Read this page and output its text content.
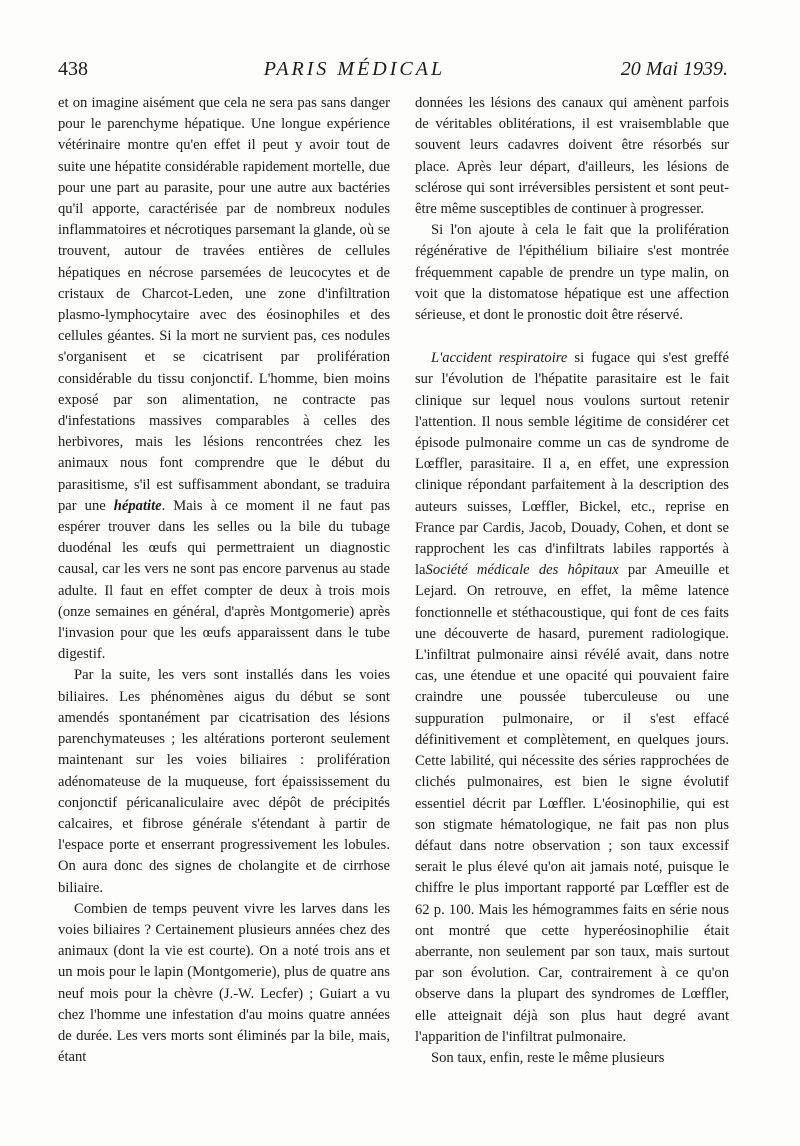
438	PARIS MÉDICAL	20 Mai 1939.

et on imagine aisément que cela ne sera pas sans danger pour le parenchyme hépatique. Une longue expérience vétérinaire montre qu'en effet il peut y avoir tout de suite une hépatite considérable rapidement mortelle, due pour une part au parasite, pour une autre aux bactéries qu'il apporte, caractérisée par de nombreux nodules inflammatoires et nécrotiques parsemant la glande, où se trouvent, autour de travées entières de cellules hépatiques en nécrose parsemées de leucocytes et de cristaux de Charcot-Leden, une zone d'infiltration plasmo-lymphocytaire avec des éosinophiles et des cellules géantes. Si la mort ne survient pas, ces nodules s'organisent et se cicatrisent par prolifération considérable du tissu conjonctif. L'homme, bien moins exposé par son alimentation, ne contracte pas d'infestations massives comparables à celles des herbivores, mais les lésions rencontrées chez les animaux nous font comprendre que le début du parasitisme, s'il est suffisamment abondant, se traduira par une hépatite. Mais à ce moment il ne faut pas espérer trouver dans les selles ou la bile du tubage duodénal les œufs qui permettraient un diagnostic causal, car les vers ne sont pas encore parvenus au stade adulte. Il faut en effet compter de deux à trois mois (onze semaines en général, d'après Montgomerie) après l'invasion pour que les œufs apparaissent dans le tube digestif.

Par la suite, les vers sont installés dans les voies biliaires. Les phénomènes aigus du début se sont amendés spontanément par cicatrisation des lésions parenchymateuses ; les altérations porteront seulement maintenant sur les voies biliaires : prolifération adénomateuse de la muqueuse, fort épaississement du conjonctif péricanaliculaire avec dépôt de précipités calcaires, et fibrose générale s'étendant à partir de l'espace porte et enserrant progressivement les lobules. On aura donc des signes de cholangite et de cirrhose biliaire.

Combien de temps peuvent vivre les larves dans les voies biliaires ? Certainement plusieurs années chez des animaux (dont la vie est courte). On a noté trois ans et un mois pour le lapin (Montgomerie), plus de quatre ans neuf mois pour la chèvre (J.-W. Lecfer) ; Guiart a vu chez l'homme une infestation d'au moins quatre années de durée. Les vers morts sont éliminés par la bile, mais, étant

données les lésions des canaux qui amènent parfois de véritables oblitérations, il est vraisemblable que souvent leurs cadavres doivent être résorbés sur place. Après leur départ, d'ailleurs, les lésions de sclérose qui sont irréversibles persistent et sont peut-être même susceptibles de continuer à progresser.

Si l'on ajoute à cela le fait que la prolifération régénérative de l'épithélium biliaire s'est montrée fréquemment capable de prendre un type malin, on voit que la distomatose hépatique est une affection sérieuse, et dont le pronostic doit être réservé.

L'accident respiratoire si fugace qui s'est greffé sur l'évolution de l'hépatite parasitaire est le fait clinique sur lequel nous voulons surtout retenir l'attention. Il nous semble légitime de considérer cet épisode pulmonaire comme un cas de syndrome de Lœffler, parasitaire. Il a, en effet, une expression clinique répondant parfaitement à la description des auteurs suisses, Lœffler, Bickel, etc., reprise en France par Cardis, Jacob, Douady, Cohen, et dont se rapprochent les cas d'infiltrats labiles rapportés à laSociété médicale des hôpitaux par Ameuille et Lejard. On retrouve, en effet, la même latence fonctionnelle et stéthacoustique, qui font de ces faits une découverte de hasard, purement radiologique. L'infiltrat pulmonaire ainsi révélé avait, dans notre cas, une étendue et une opacité qui pouvaient faire craindre une poussée tuberculeuse ou une suppuration pulmonaire, or il s'est effacé définitivement et complètement, en quelques jours. Cette labilité, qui nécessite des séries rapprochées de clichés pulmonaires, est bien le signe évolutif essentiel décrit par Lœffler. L'éosinophilie, qui est son stigmate hématologique, ne fait pas non plus défaut dans notre observation ; son taux excessif serait le plus élevé qu'on ait jamais noté, puisque le chiffre le plus important rapporté par Lœffler est de 62 p. 100. Mais les hémogrammes faits en série nous ont montré que cette hyperéosinophilie était aberrante, non seulement par son taux, mais surtout par son évolution. Car, contrairement à ce qu'on observe dans la plupart des syndromes de Lœffler, elle atteignait déjà son plus haut degré avant l'apparition de l'infiltrat pulmonaire.

Son taux, enfin, reste le même plusieurs
